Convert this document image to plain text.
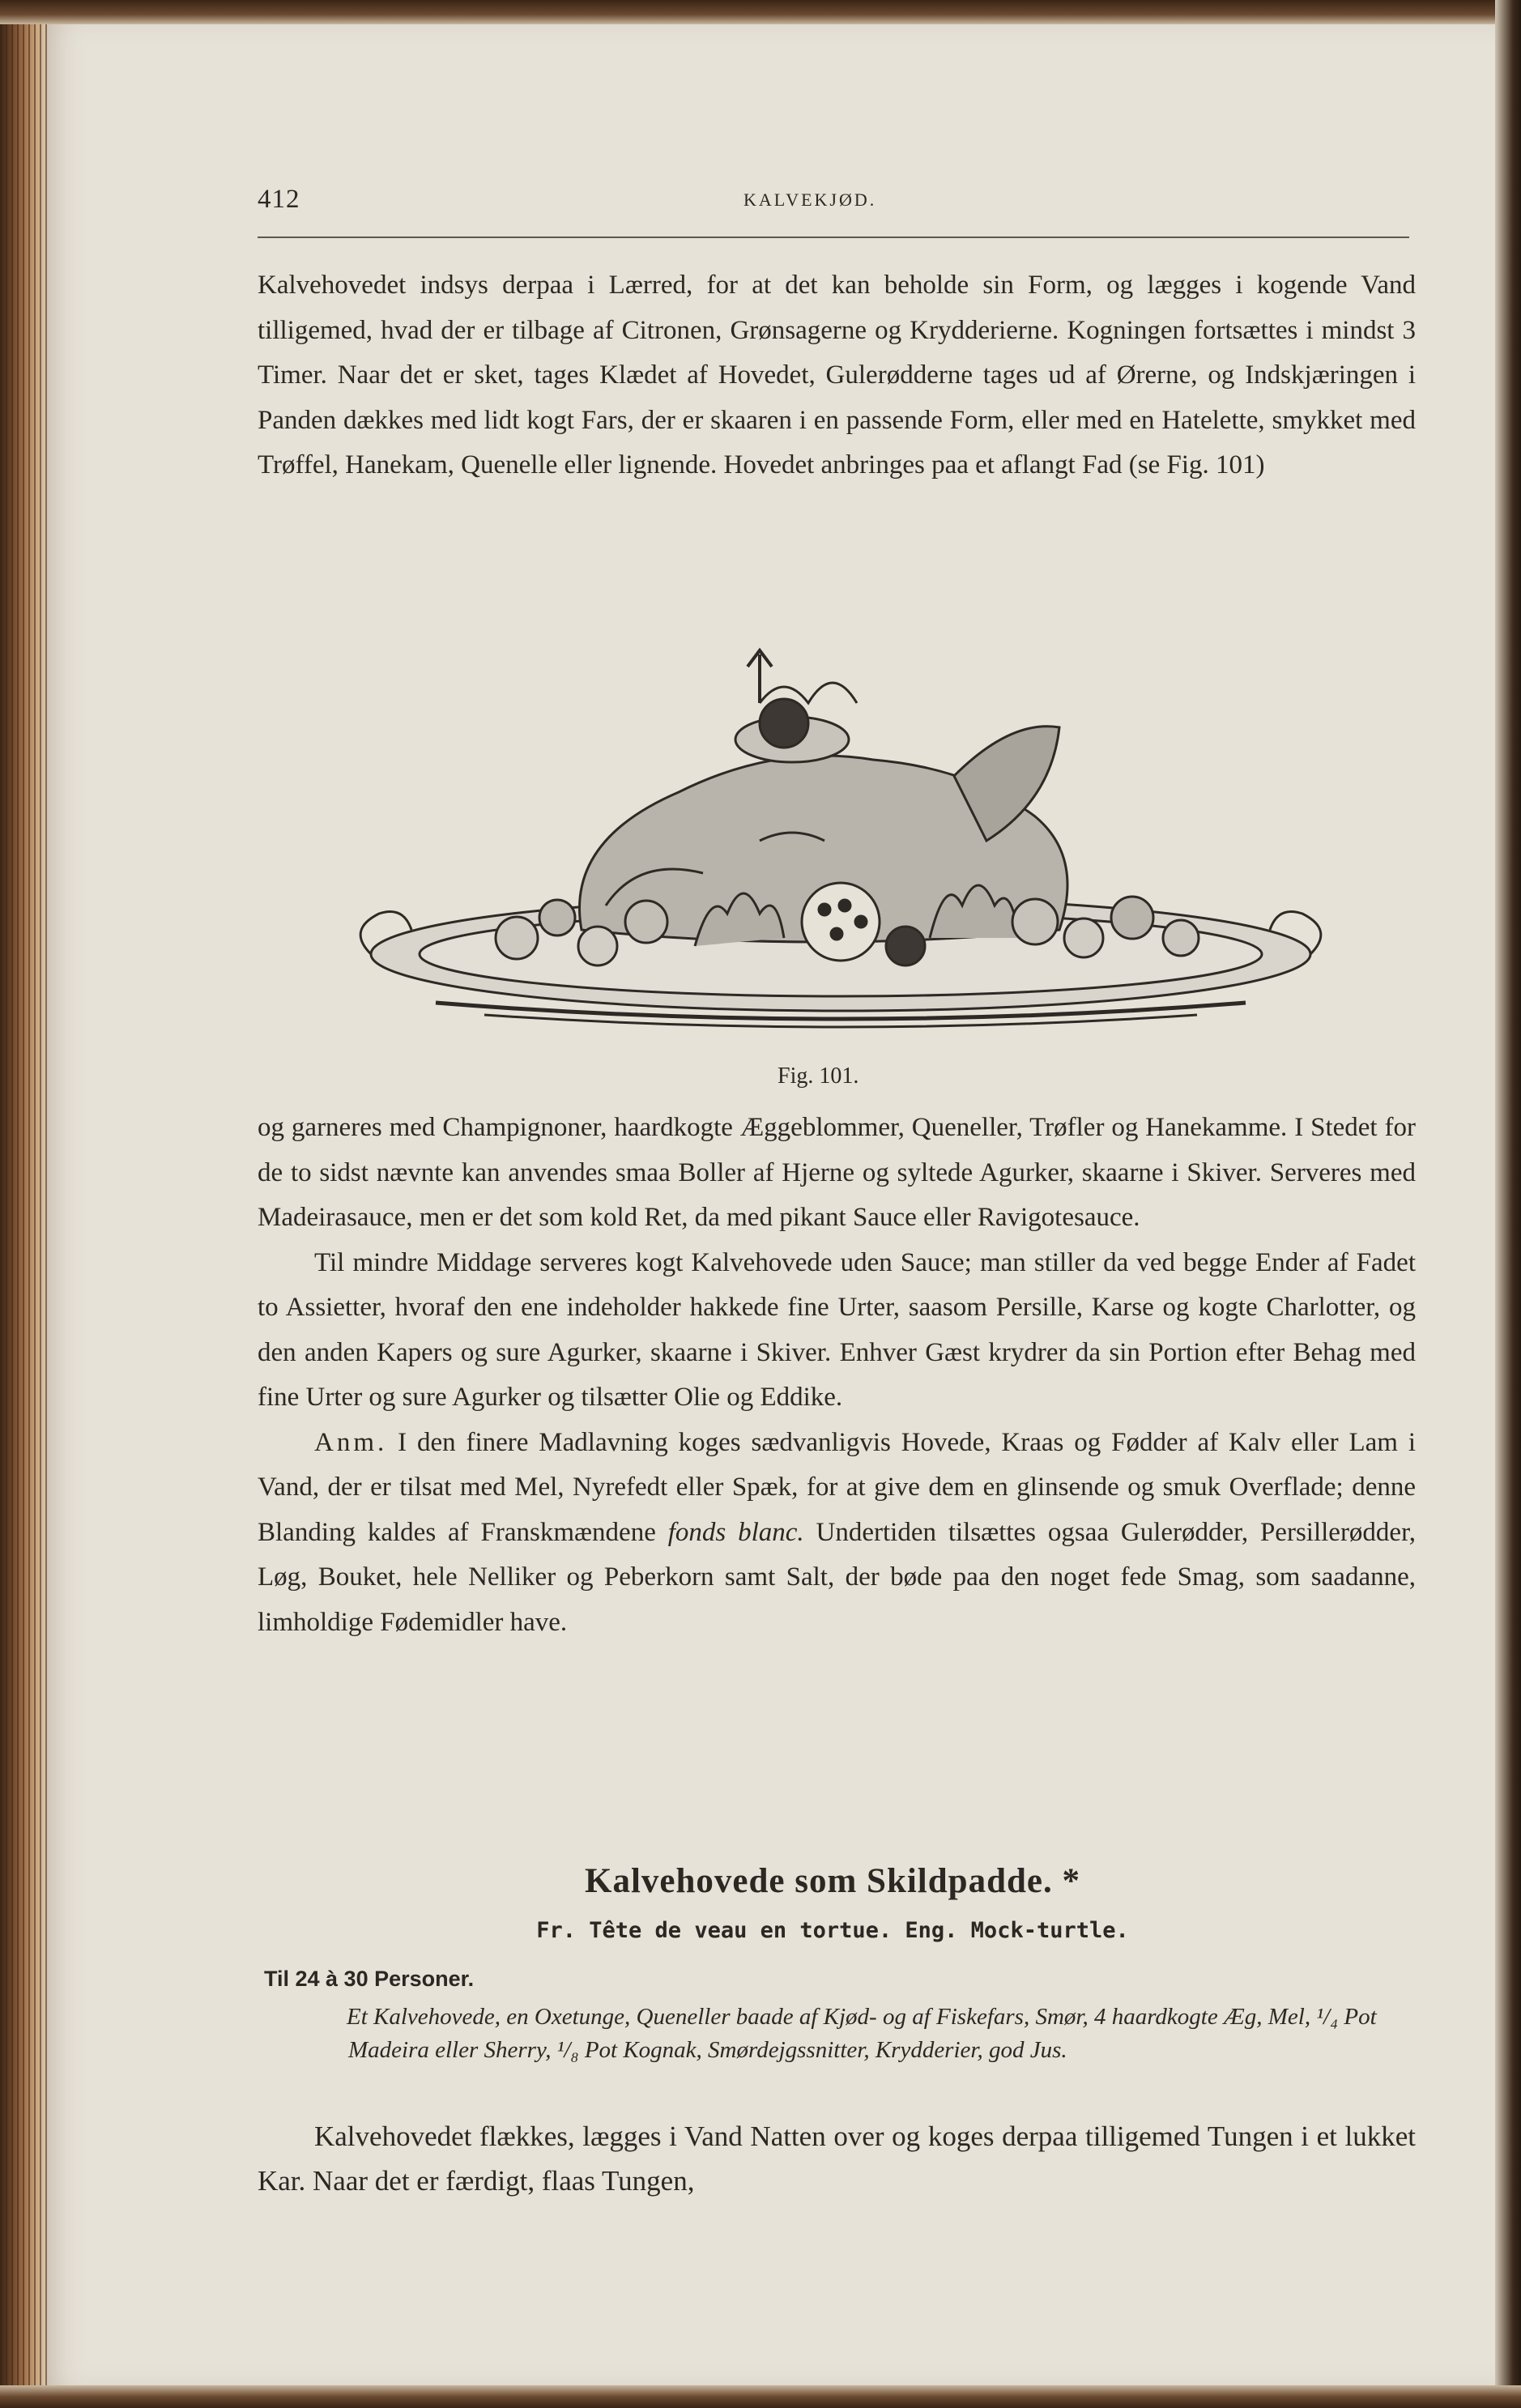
412	KALVEKJØD.

Kalvehovedet indsys derpaa i Lærred, for at det kan beholde sin Form, og lægges i kogende Vand tilligemed, hvad der er tilbage af Citronen, Grønsagerne og Krydderierne. Kogningen fortsættes i mindst 3 Timer. Naar det er sket, tages Klædet af Hovedet, Gulerødderne tages ud af Ørerne, og Indskjæringen i Panden dækkes med lidt kogt Fars, der er skaaren i en passende Form, eller med en Hatelette, smykket med Trøffel, Hanekam, Quenelle eller lignende. Hovedet anbringes paa et aflangt Fad (se Fig. 101)

Fig. 101.

og garneres med Champignoner, haardkogte Æggeblommer, Queneller, Trøfler og Hanekamme. I Stedet for de to sidst nævnte kan anvendes smaa Boller af Hjerne og syltede Agurker, skaarne i Skiver. Serveres med Madeirasauce, men er det som kold Ret, da med pikant Sauce eller Ravigotesauce.

Til mindre Middage serveres kogt Kalvehovede uden Sauce; man stiller da ved begge Ender af Fadet to Assietter, hvoraf den ene indeholder hakkede fine Urter, saasom Persille, Karse og kogte Charlotter, og den anden Kapers og sure Agurker, skaarne i Skiver. Enhver Gæst krydrer da sin Portion efter Behag med fine Urter og sure Agurker og tilsætter Olie og Eddike.

Anm. I den finere Madlavning koges sædvanligvis Hovede, Kraas og Fødder af Kalv eller Lam i Vand, der er tilsat med Mel, Nyrefedt eller Spæk, for at give dem en glinsende og smuk Overflade; denne Blanding kaldes af Franskmændene fonds blanc. Undertiden tilsættes ogsaa Gulerødder, Persillerødder, Løg, Bouket, hele Nelliker og Peberkorn samt Salt, der bøde paa den noget fede Smag, som saadanne, limholdige Fødemidler have.

Kalvehovede som Skildpadde. *
Fr. Tête de veau en tortue. Eng. Mock-turtle.
Til 24 à 30 Personer.
Et Kalvehovede, en Oxetunge, Queneller baade af Kjød- og af Fiskefars, Smør, 4 haardkogte Æg, Mel, ¹/₄ Pot Madeira eller Sherry, ¹/₈ Pot Kognak, Smørdejgssnitter, Krydderier, god Jus.

Kalvehovedet flækkes, lægges i Vand Natten over og koges derpaa tilligemed Tungen i et lukket Kar. Naar det er færdigt, flaas Tungen,
